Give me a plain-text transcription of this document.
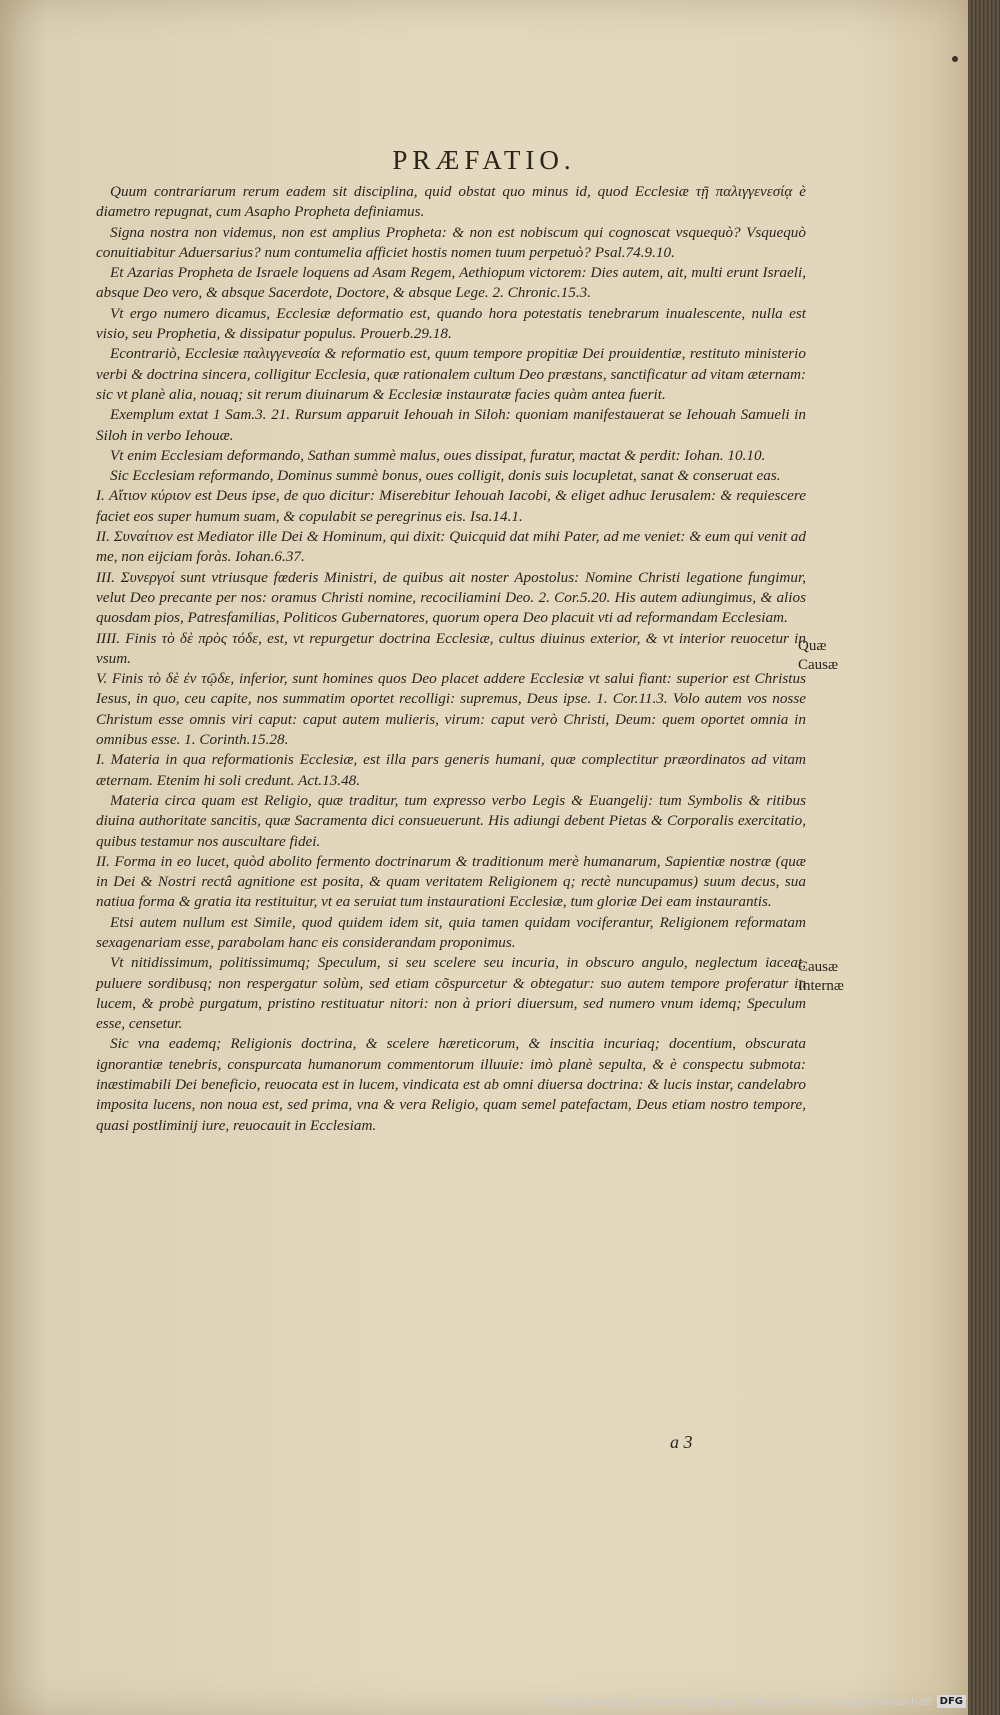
PRÆFATIO.

Quum contrariarum rerum eadem sit disciplina, quid obstat quo minus id, quod Ecclesiæ τῇ παλιγγενεσίᾳ è diametro repugnat, cum Asapho Propheta definiamus.

Signa nostra non videmus, non est amplius Propheta: & non est nobiscum qui cognoscat vsquequò? Vsquequò conuitiabitur Aduersarius? num contumelia afficiet hostis nomen tuum perpetuò? Psal.74.9.10.

Et Azarias Propheta de Israele loquens ad Asam Regem, Aethiopum victorem: Dies autem, ait, multi erunt Israeli, absque Deo vero, & absque Sacerdote, Doctore, & absque Lege. 2. Chronic.15.3.

Vt ergo numero dicamus, Ecclesiæ deformatio est, quando hora potestatis tenebrarum inualescente, nulla est visio, seu Prophetia, & dissipatur populus. Prouerb.29.18.

Econtrariò, Ecclesiæ παλιγγενεσία & reformatio est, quum tempore propitiæ Dei prouidentiæ, restituto ministerio verbi & doctrina sincera, colligitur Ecclesia, quæ rationalem cultum Deo præstans, sanctificatur ad vitam æternam: sic vt planè alia, nouaq; sit rerum diuinarum & Ecclesiæ instauratæ facies quàm antea fuerit.

Exemplum extat 1 Sam.3. 21. Rursum apparuit Iehouah in Siloh: quoniam manifestauerat se Iehouah Samueli in Siloh in verbo Iehouæ.

Vt enim Ecclesiam deformando, Sathan summè malus, oues dissipat, furatur, mactat & perdit: Iohan. 10.10.

Sic Ecclesiam reformando, Dominus summè bonus, oues colligit, donis suis locupletat, sanat & conseruat eas.

I. Αἴτιον κύριον est Deus ipse, de quo dicitur: Miserebitur Iehouah Iacobi, & eliget adhuc Ierusalem: & requiescere faciet eos super humum suam, & copulabit se peregrinus eis. Isa.14.1.

II. Συναίτιον est Mediator ille Dei & Hominum, qui dixit: Quicquid dat mihi Pater, ad me veniet: & eum qui venit ad me, non eijciam foràs. Iohan.6.37.

III. Συνεργοί sunt vtriusque fœderis Ministri, de quibus ait noster Apostolus: Nomine Christi legatione fungimur, velut Deo precante per nos: oramus Christi nomine, recociliamini Deo. 2. Cor.5.20. His autem adiungimus, & alios quosdam pios, Patresfamilias, Politicos Gubernatores, quorum opera Deo placuit vti ad reformandam Ecclesiam.

IIII. Finis τὸ δὲ πρὸς τόδε, est, vt repurgetur doctrina Ecclesiæ, cultus diuinus exterior, & vt interior reuocetur in vsum.

V. Finis τὸ δὲ ἐν τῷδε, inferior, sunt homines quos Deo placet addere Ecclesiæ vt salui fiant: superior est Christus Iesus, in quo, ceu capite, nos summatim oportet recolligi: supremus, Deus ipse. 1. Cor.11.3. Volo autem vos nosse Christum esse omnis viri caput: caput autem mulieris, virum: caput verò Christi, Deum: quem oportet omnia in omnibus esse. 1. Corinth.15.28.

I. Materia in qua reformationis Ecclesiæ, est illa pars generis humani, quæ complectitur præordinatos ad vitam æternam. Etenim hi soli credunt. Act.13.48.

Materia circa quam est Religio, quæ traditur, tum expresso verbo Legis & Euangelij: tum Symbolis & ritibus diuina authoritate sancitis, quæ Sacramenta dici consueuerunt. His adiungi debent Pietas & Corporalis exercitatio, quibus testamur nos auscultare fidei.

II. Forma in eo lucet, quòd abolito fermento doctrinarum & traditionum merè humanarum, Sapientiæ nostræ (quæ in Dei & Nostri rectâ agnitione est posita, & quam veritatem Religionem q; rectè nuncupamus) suum decus, sua natiua forma & gratia ita restituitur, vt ea seruiat tum instaurationi Ecclesiæ, tum gloriæ Dei eam instaurantis.

Etsi autem nullum est Simile, quod quidem idem sit, quia tamen quidam vociferantur, Religionem reformatam sexagenariam esse, parabolam hanc eis considerandam proponimus.

Vt nitidissimum, politissimumq; Speculum, si seu scelere seu incuria, in obscuro angulo, neglectum iaceat, puluere sordibusq; non respergatur solùm, sed etiam cõspurcetur & obtegatur: suo autem tempore proferatur in lucem, & probè purgatum, pristino restituatur nitori: non à priori diuersum, sed numero vnum idemq; Speculum esse, censetur.

Sic vna eademq; Religionis doctrina, & scelere hæreticorum, & inscitia incuriaq; docentium, obscurata ignorantiæ tenebris, conspurcata humanorum commentorum illuuie: imò planè sepulta, & è conspectu submota: inæstimabili Dei beneficio, reuocata est in lucem, vindicata est ab omni diuersa doctrina: & lucis instar, candelabro imposita lucens, non noua est, sed prima, vna & vera Religio, quam semel patefactam, Deus etiam nostro tempore, quasi postliminij iure, reuocauit in Ecclesiam.

Quæ Causæ
Causæ Internæ
a 3
Digitalisierung gefördert durch die Deutsche Forschungsgemeinschaft DFG
